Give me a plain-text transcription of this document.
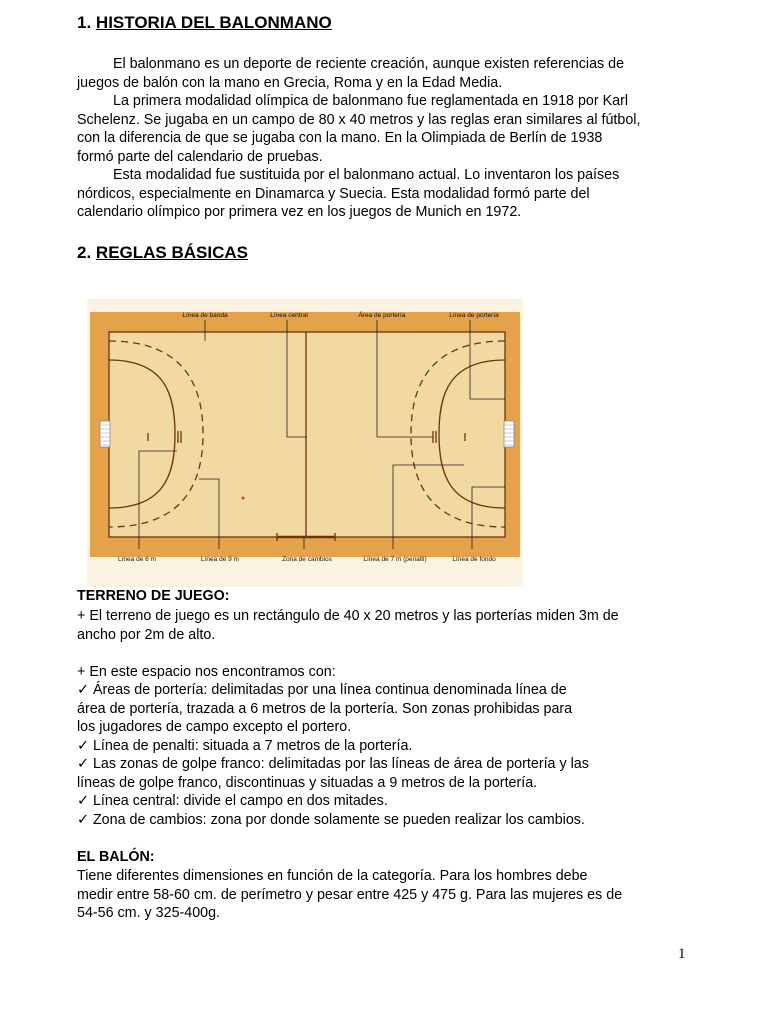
1. HISTORIA DEL BALONMANO
El balonmano es un deporte de reciente creación, aunque existen referencias de
juegos de balón con la mano en Grecia, Roma y en la Edad Media.
La primera modalidad olímpica de balonmano fue reglamentada en 1918 por Karl
Schelenz. Se jugaba en un campo de 80 x 40 metros y las reglas eran similares al fútbol,
con la diferencia de que se jugaba con la mano. En la Olimpiada de Berlín de 1938
formó parte del calendario de pruebas.
Esta modalidad fue sustituida por el balonmano actual. Lo inventaron los países
nórdicos, especialmente en Dinamarca y Suecia. Esta modalidad formó parte del
calendario olímpico por primera vez en los juegos de Munich en 1972.
2. REGLAS BÁSICAS
Línea de banda	Línea central	Área de portería	Línea de portería
Línea de 6 m	Línea de 9 m	Zona de cambios	Línea de 7 m (penalti)	Línea de fondo
TERRENO DE JUEGO:
+ El terreno de juego es un rectángulo de 40 x 20 metros y las porterías miden 3m de
ancho por 2m de alto.

+ En este espacio nos encontramos con:
✓ Áreas de portería: delimitadas por una línea continua denominada línea de
área de portería, trazada a 6 metros de la portería. Son zonas prohibidas para
los jugadores de campo excepto el portero.
✓ Línea de penalti: situada a 7 metros de la portería.
✓ Las zonas de golpe franco: delimitadas por las líneas de área de portería y las
líneas de golpe franco, discontinuas y situadas a 9 metros de la portería.
✓ Línea central: divide el campo en dos mitades.
✓ Zona de cambios: zona por donde solamente se pueden realizar los cambios.
EL BALÓN:
Tiene diferentes dimensiones en función de la categoría. Para los hombres debe
medir entre 58-60 cm. de perímetro y pesar entre 425 y 475 g. Para las mujeres es de
54-56 cm. y 325-400g.
1
